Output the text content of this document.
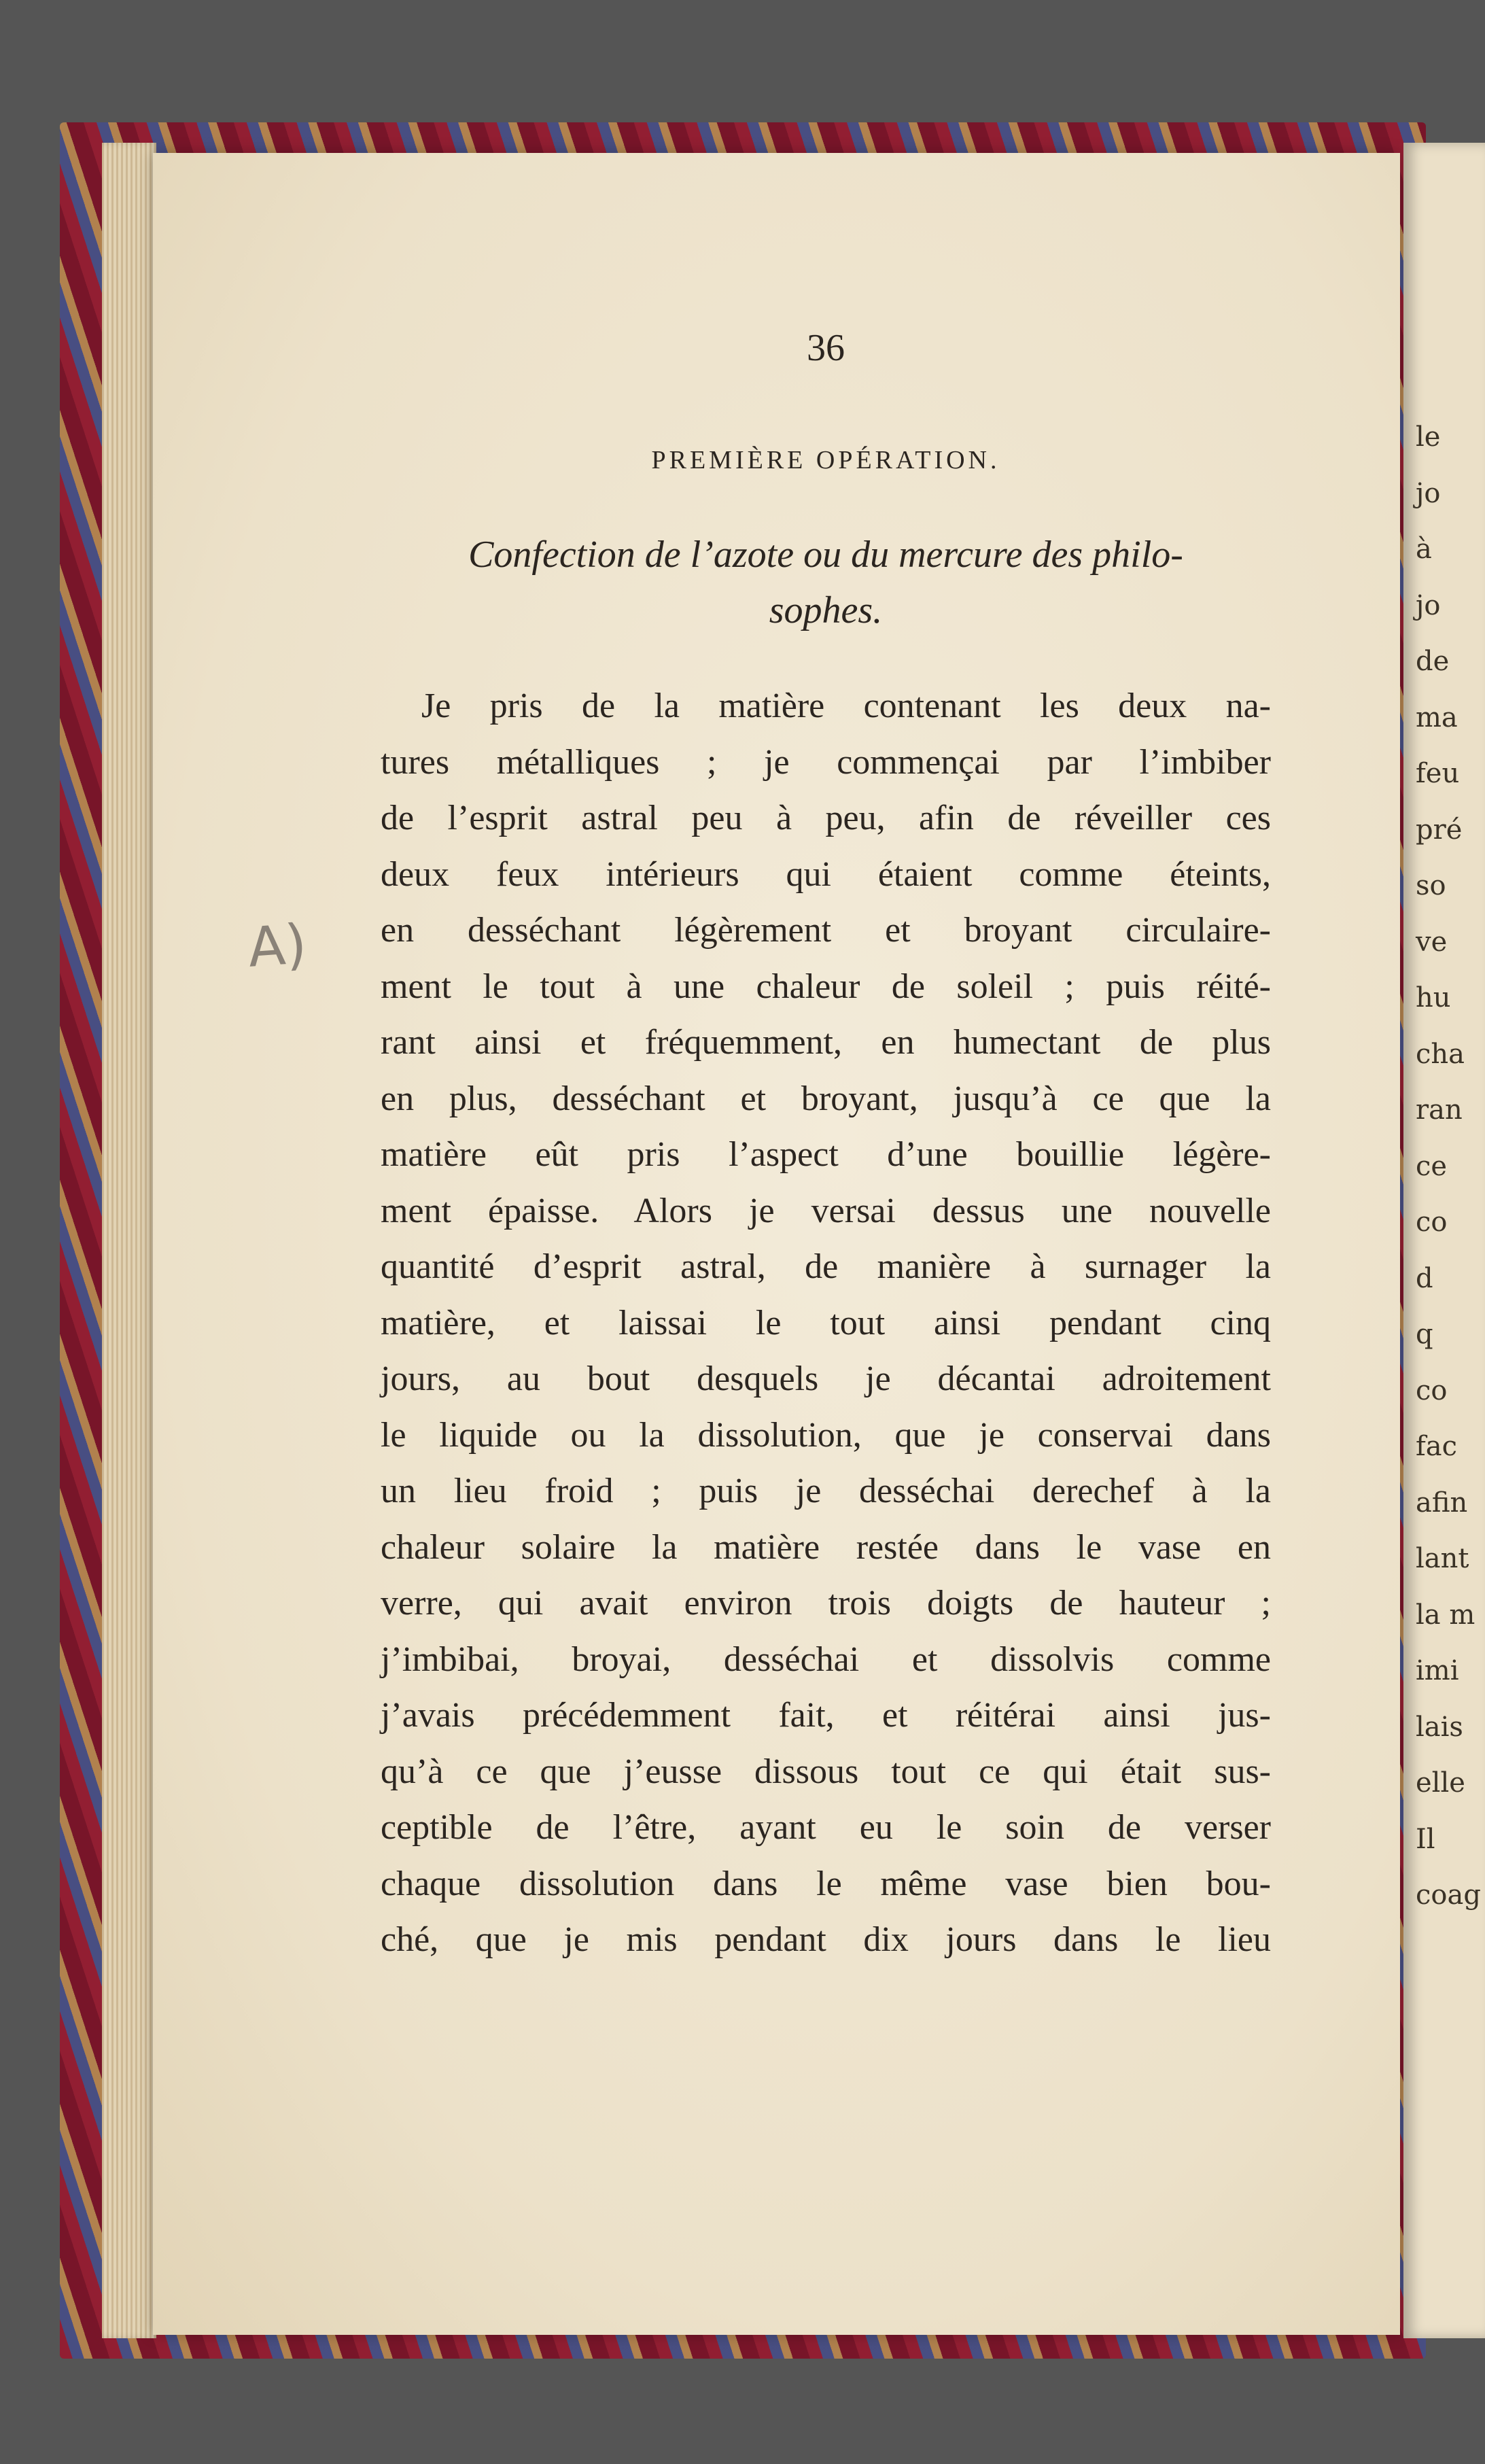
36
PREMIÈRE OPÉRATION.
Confection de l’azote ou du mercure des philo-
sophes.
A)
Je pris de la matière contenant les deux na-
tures métalliques ; je commençai par l’imbiber
de l’esprit astral peu à peu, afin de réveiller ces
deux feux intérieurs qui étaient comme éteints,
en desséchant légèrement et broyant circulaire-
ment le tout à une chaleur de soleil ; puis réité-
rant ainsi et fréquemment, en humectant de plus
en plus, desséchant et broyant, jusqu’à ce que la
matière eût pris l’aspect d’une bouillie légère-
ment épaisse. Alors je versai dessus une nouvelle
quantité d’esprit astral, de manière à surnager la
matière, et laissai le tout ainsi pendant cinq
jours, au bout desquels je décantai adroitement
le liquide ou la dissolution, que je conservai dans
un lieu froid ; puis je desséchai derechef à la
chaleur solaire la matière restée dans le vase en
verre, qui avait environ trois doigts de hauteur ;
j’imbibai, broyai, desséchai et dissolvis comme
j’avais précédemment fait, et réitérai ainsi jus-
qu’à ce que j’eusse dissous tout ce qui était sus-
ceptible de l’être, ayant eu le soin de verser
chaque dissolution dans le même vase bien bou-
ché, que je mis pendant dix jours dans le lieu
le
jo
à
jo
de
ma
feu
pré
so
ve
hu
cha
ran
ce
co
d
q
co
fac
afin
lant
la m
imi
lais
elle
Il
coag
